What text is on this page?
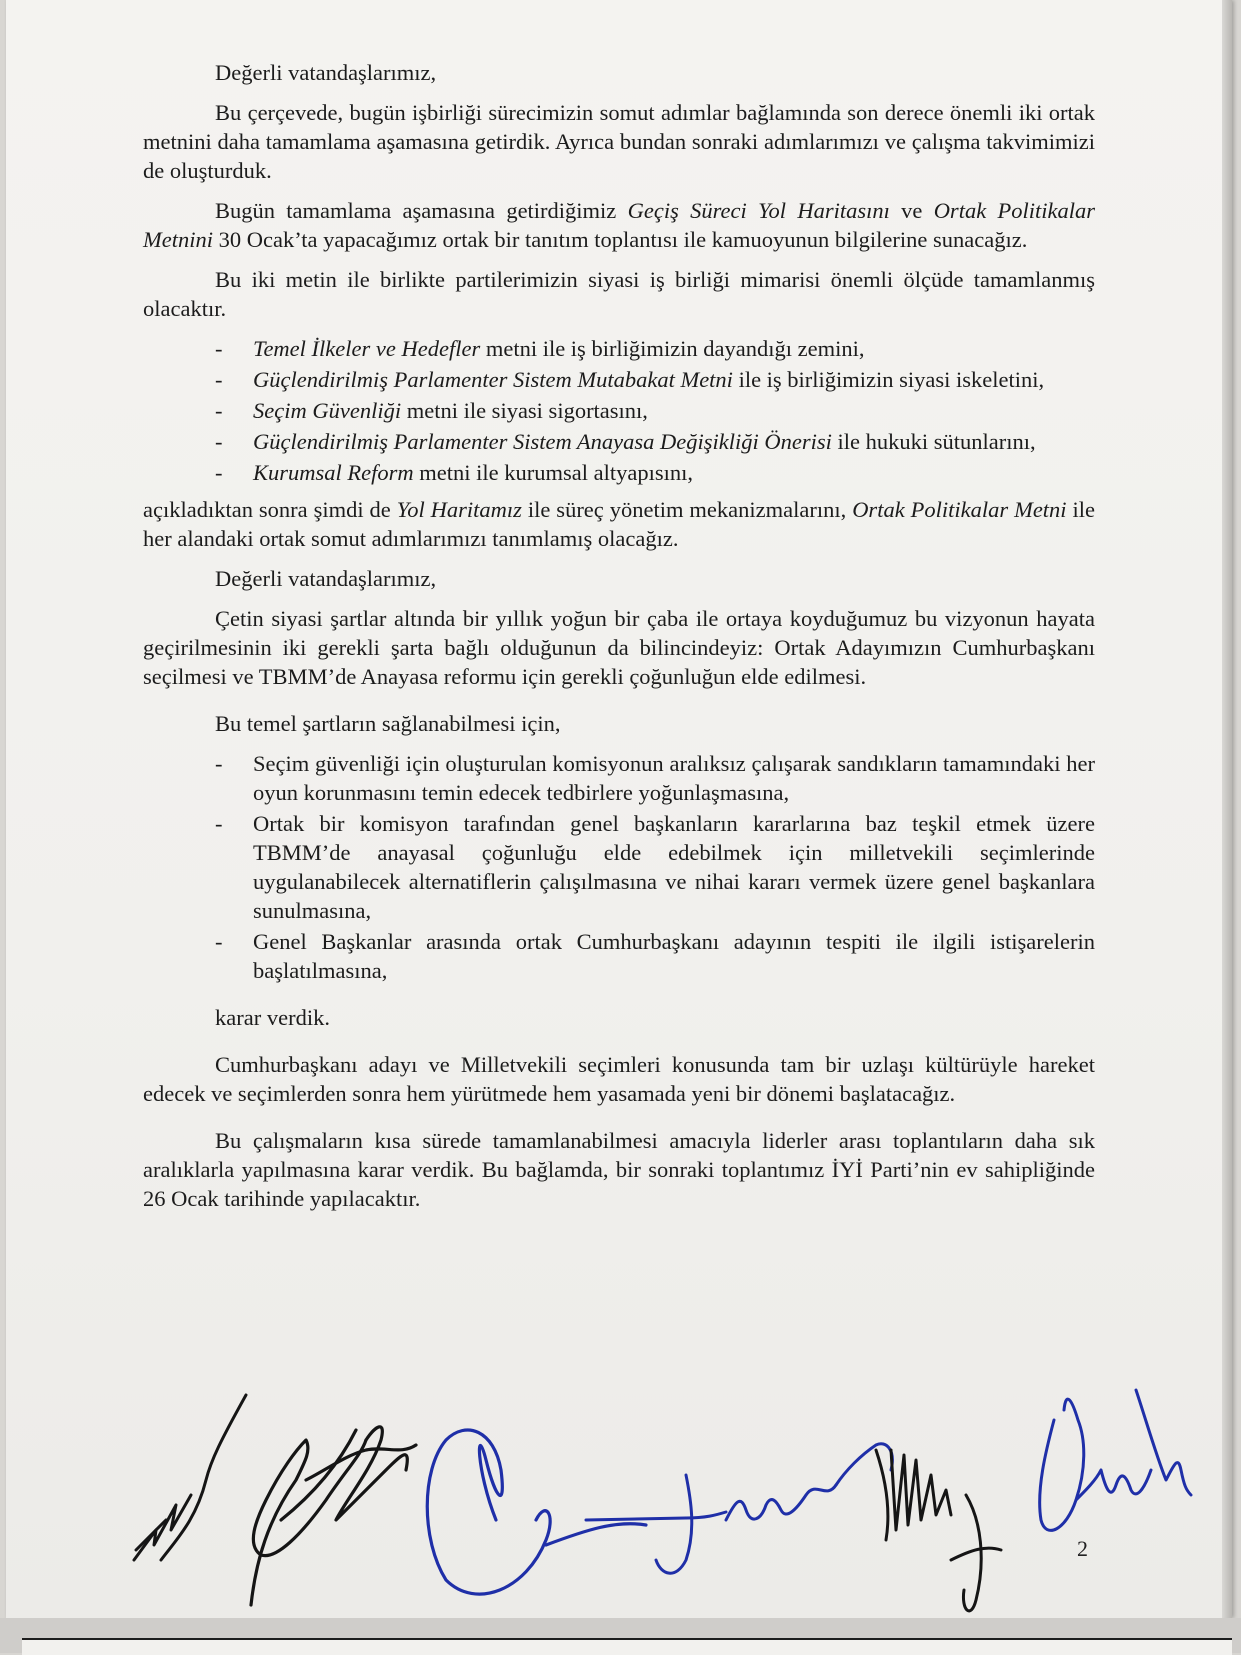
Değerli vatandaşlarımız,

Bu çerçevede, bugün işbirliği sürecimizin somut adımlar bağlamında son derece önemli iki ortak metnini daha tamamlama aşamasına getirdik. Ayrıca bundan sonraki adımlarımızı ve çalışma takvimimizi de oluşturduk.

Bugün tamamlama aşamasına getirdiğimiz Geçiş Süreci Yol Haritasını ve Ortak Politikalar Metnini 30 Ocak’ta yapacağımız ortak bir tanıtım toplantısı ile kamuoyunun bilgilerine sunacağız.

Bu iki metin ile birlikte partilerimizin siyasi iş birliği mimarisi önemli ölçüde tamamlanmış olacaktır.

- Temel İlkeler ve Hedefler metni ile iş birliğimizin dayandığı zemini,
- Güçlendirilmiş Parlamenter Sistem Mutabakat Metni ile iş birliğimizin siyasi iskeletini,
- Seçim Güvenliği metni ile siyasi sigortasını,
- Güçlendirilmiş Parlamenter Sistem Anayasa Değişikliği Önerisi ile hukuki sütunlarını,
- Kurumsal Reform metni ile kurumsal altyapısını,

açıkladıktan sonra şimdi de Yol Haritamız ile süreç yönetim mekanizmalarını, Ortak Politikalar Metni ile her alandaki ortak somut adımlarımızı tanımlamış olacağız.

Değerli vatandaşlarımız,

Çetin siyasi şartlar altında bir yıllık yoğun bir çaba ile ortaya koyduğumuz bu vizyonun hayata geçirilmesinin iki gerekli şarta bağlı olduğunun da bilincindeyiz: Ortak Adayımızın Cumhurbaşkanı seçilmesi ve TBMM’de Anayasa reformu için gerekli çoğunluğun elde edilmesi.

Bu temel şartların sağlanabilmesi için,

- Seçim güvenliği için oluşturulan komisyonun aralıksız çalışarak sandıkların tamamındaki her oyun korunmasını temin edecek tedbirlere yoğunlaşmasına,
- Ortak bir komisyon tarafından genel başkanların kararlarına baz teşkil etmek üzere TBMM’de anayasal çoğunluğu elde edebilmek için milletvekili seçimlerinde uygulanabilecek alternatiflerin çalışılmasına ve nihai kararı vermek üzere genel başkanlara sunulmasına,
- Genel Başkanlar arasında ortak Cumhurbaşkanı adayının tespiti ile ilgili istişarelerin başlatılmasına,

karar verdik.

Cumhurbaşkanı adayı ve Milletvekili seçimleri konusunda tam bir uzlaşı kültürüyle hareket edecek ve seçimlerden sonra hem yürütmede hem yasamada yeni bir dönemi başlatacağız.

Bu çalışmaların kısa sürede tamamlanabilmesi amacıyla liderler arası toplantıların daha sık aralıklarla yapılmasına karar verdik. Bu bağlamda, bir sonraki toplantımız İYİ Parti’nin ev sahipliğinde 26 Ocak tarihinde yapılacaktır.

2
